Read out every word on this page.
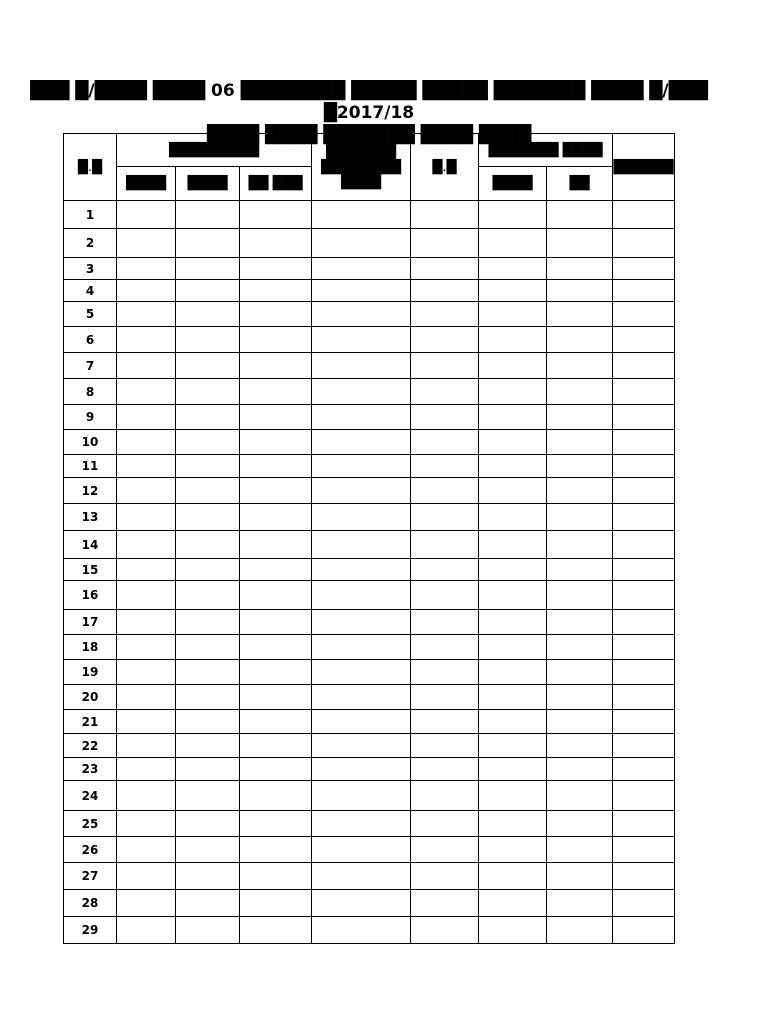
███ █/████ ████ 06 ████████ █████ █████ ███████ ████ █/███ █2017/18
████ ████ ███████ ████ ████
█.█	█████████			███████ ████████ ████	█.█	███████ ████		██████
	████	████	██ ███			████	██	
1								
2								
3								
4								
5								
6								
7								
8								
9								
10								
11								
12								
13								
14								
15								
16								
17								
18								
19								
20								
21								
22								
23								
24								
25								
26								
27								
28								
29								
